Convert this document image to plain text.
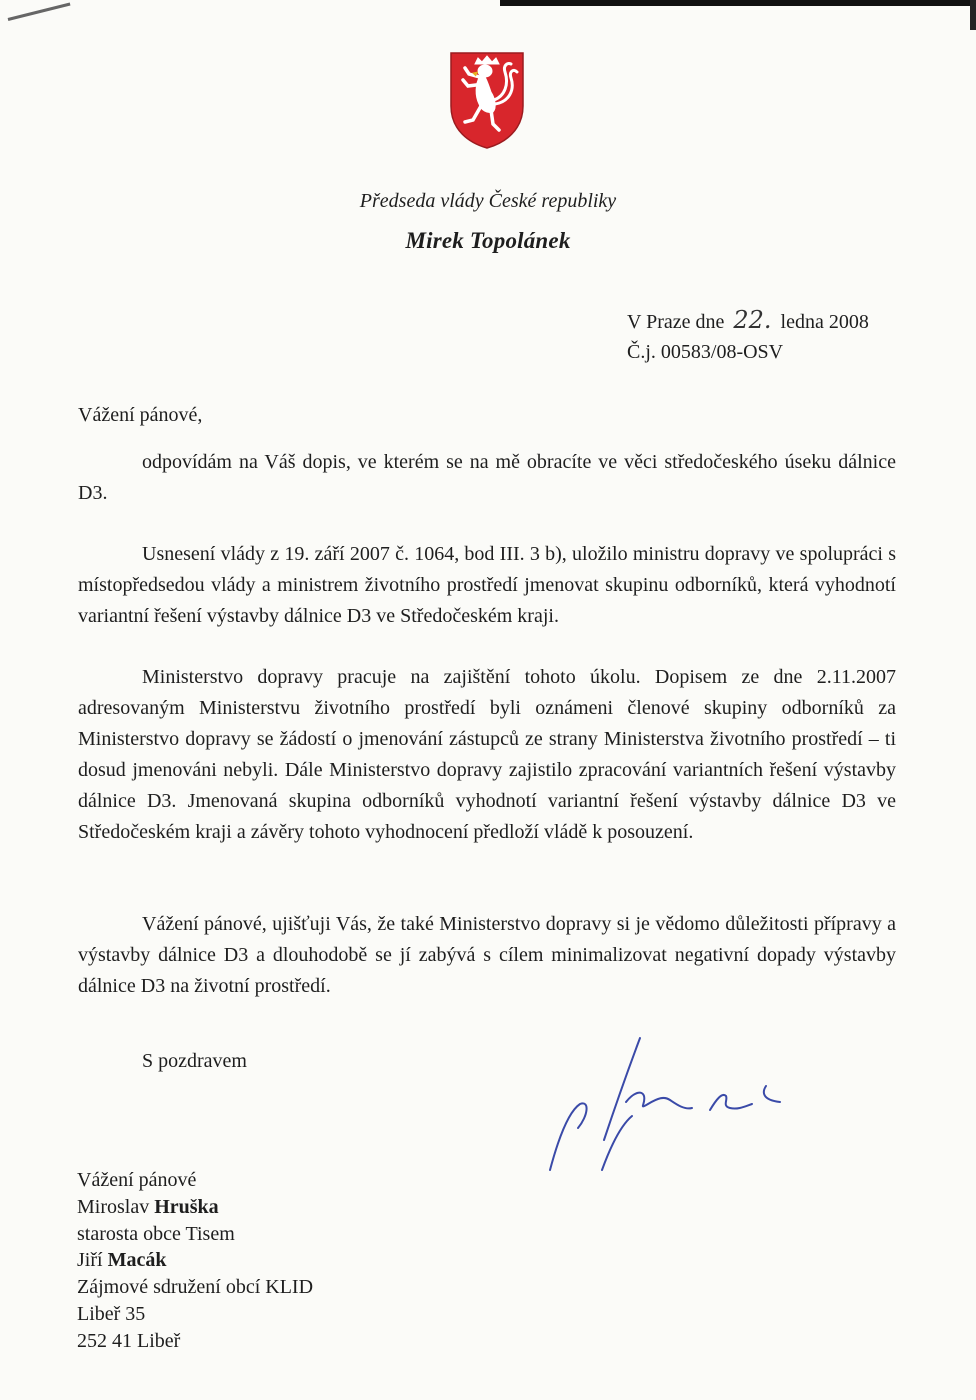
Předseda vlády České republiky
Mirek Topolánek
V Praze dne 22. ledna 2008
Č.j. 00583/08-OSV
Vážení pánové,

odpovídám na Váš dopis, ve kterém se na mě obracíte ve věci středočeského úseku dálnice D3.

Usnesení vlády z 19. září 2007 č. 1064, bod III. 3 b), uložilo ministru dopravy ve spolupráci s místopředsedou vlády a ministrem životního prostředí jmenovat skupinu odborníků, která vyhodnotí variantní řešení výstavby dálnice D3 ve Středočeském kraji.

Ministerstvo dopravy pracuje na zajištění tohoto úkolu. Dopisem ze dne 2.11.2007 adresovaným Ministerstvu životního prostředí byli oznámeni členové skupiny odborníků za Ministerstvo dopravy se žádostí o jmenování zástupců ze strany Ministerstva životního prostředí – ti dosud jmenováni nebyli. Dále Ministerstvo dopravy zajistilo zpracování variantních řešení výstavby dálnice D3. Jmenovaná skupina odborníků vyhodnotí variantní řešení výstavby dálnice D3 ve Středočeském kraji a závěry tohoto vyhodnocení předloží vládě k posouzení.

Vážení pánové, ujišťuji Vás, že také Ministerstvo dopravy si je vědomo důležitosti přípravy a výstavby dálnice D3 a dlouhodobě se jí zabývá s cílem minimalizovat negativní dopady výstavby dálnice D3 na životní prostředí.

S pozdravem
Vážení pánové
Miroslav Hruška
starosta obce Tisem
Jiří Macák
Zájmové sdružení obcí KLID
Libeř 35
252 41 Libeř
